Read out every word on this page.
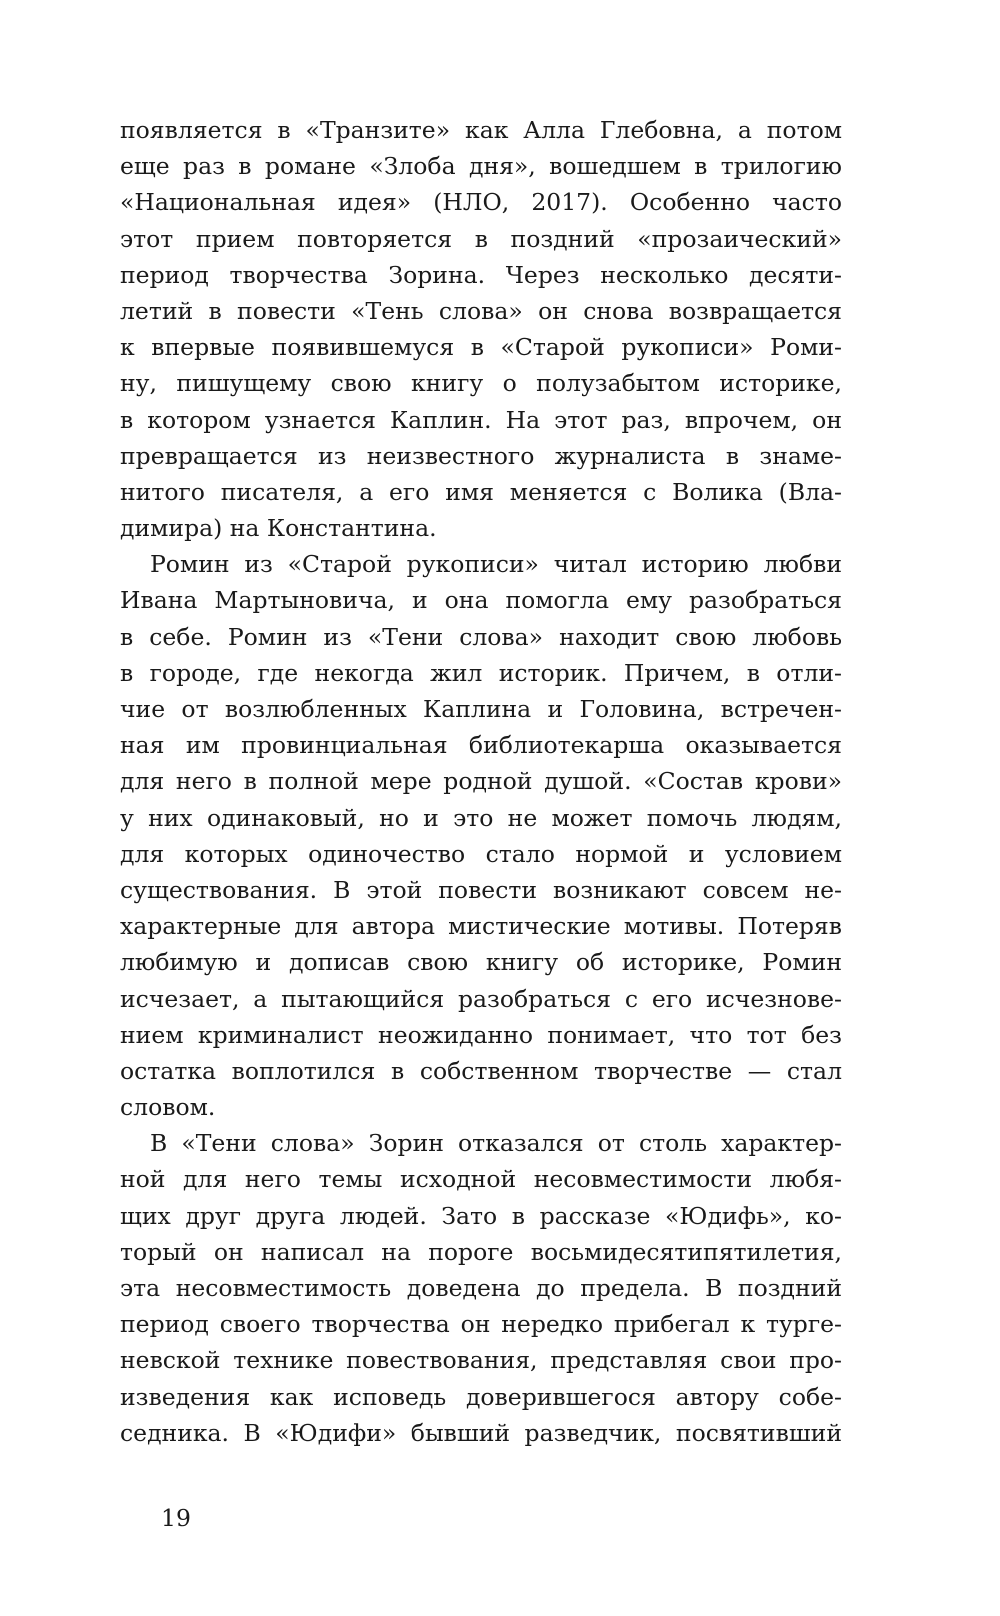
появляется в «Транзите» как Алла Глебовна, а потом
еще раз в романе «Злоба дня», вошедшем в трилогию
«Национальная идея» (НЛО, 2017). Особенно часто
этот прием повторяется в поздний «прозаический»
период творчества Зорина. Через несколько десяти-
летий в повести «Тень слова» он снова возвращается
к впервые появившемуся в «Старой рукописи» Роми-
ну, пишущему свою книгу о полузабытом историке,
в котором узнается Каплин. На этот раз, впрочем, он
превращается из неизвестного журналиста в знаме-
нитого писателя, а его имя меняется с Волика (Вла-
димира) на Константина.
Ромин из «Старой рукописи» читал историю любви
Ивана Мартыновича, и она помогла ему разобраться
в себе. Ромин из «Тени слова» находит свою любовь
в городе, где некогда жил историк. Причем, в отли-
чие от возлюбленных Каплина и Головина, встречен-
ная им провинциальная библиотекарша оказывается
для него в полной мере родной душой. «Состав крови»
у них одинаковый, но и это не может помочь людям,
для которых одиночество стало нормой и условием
существования. В этой повести возникают совсем не-
характерные для автора мистические мотивы. Потеряв
любимую и дописав свою книгу об историке, Ромин
исчезает, а пытающийся разобраться с его исчезнове-
нием криминалист неожиданно понимает, что тот без
остатка воплотился в собственном творчестве — стал
словом.
В «Тени слова» Зорин отказался от столь характер-
ной для него темы исходной несовместимости любя-
щих друг друга людей. Зато в рассказе «Юдифь», ко-
торый он написал на пороге восьмидесятипятилетия,
эта несовместимость доведена до предела. В поздний
период своего творчества он нередко прибегал к турге-
невской технике повествования, представляя свои про-
изведения как исповедь доверившегося автору собе-
седника. В «Юдифи» бывший разведчик, посвятивший
19
